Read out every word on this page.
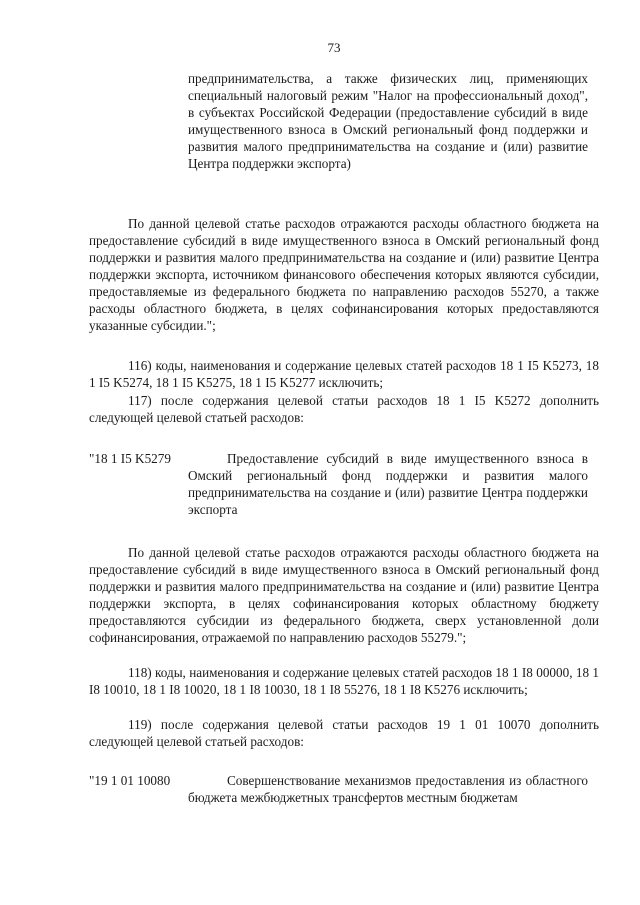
73

предпринимательства, а также физических лиц, применяющих специальный налоговый режим "Налог на профессиональный доход", в субъектах Российской Федерации (предоставление субсидий в виде имущественного взноса в Омский региональный фонд поддержки и развития малого предпринимательства на создание и (или) развитие Центра поддержки экспорта)

По данной целевой статье расходов отражаются расходы областного бюджета на предоставление субсидий в виде имущественного взноса в Омский региональный фонд поддержки и развития малого предпринимательства на создание и (или) развитие Центра поддержки экспорта, источником финансового обеспечения которых являются субсидии, предоставляемые из федерального бюджета по направлению расходов 55270, а также расходы областного бюджета, в целях софинансирования которых предоставляются указанные субсидии.";

116) коды, наименования и содержание целевых статей расходов 18 1 I5 K5273, 18 1 I5 K5274, 18 1 I5 K5275, 18 1 I5 K5277 исключить;

117) после содержания целевой статьи расходов 18 1 I5 K5272 дополнить следующей целевой статьей расходов:

"18 1 I5 K5279	Предоставление субсидий в виде имущественного взноса в Омский региональный фонд поддержки и развития малого предпринимательства на создание и (или) развитие Центра поддержки экспорта

По данной целевой статье расходов отражаются расходы областного бюджета на предоставление субсидий в виде имущественного взноса в Омский региональный фонд поддержки и развития малого предпринимательства на создание и (или) развитие Центра поддержки экспорта, в целях софинансирования которых областному бюджету предоставляются субсидии из федерального бюджета, сверх установленной доли софинансирования, отражаемой по направлению расходов 55279.";

118) коды, наименования и содержание целевых статей расходов 18 1 I8 00000, 18 1 I8 10010, 18 1 I8 10020, 18 1 I8 10030, 18 1 I8 55276, 18 1 I8 K5276 исключить;

119) после содержания целевой статьи расходов 19 1 01 10070 дополнить следующей целевой статьей расходов:

"19 1 01 10080	Совершенствование механизмов предоставления из областного бюджета межбюджетных трансфертов местным бюджетам
